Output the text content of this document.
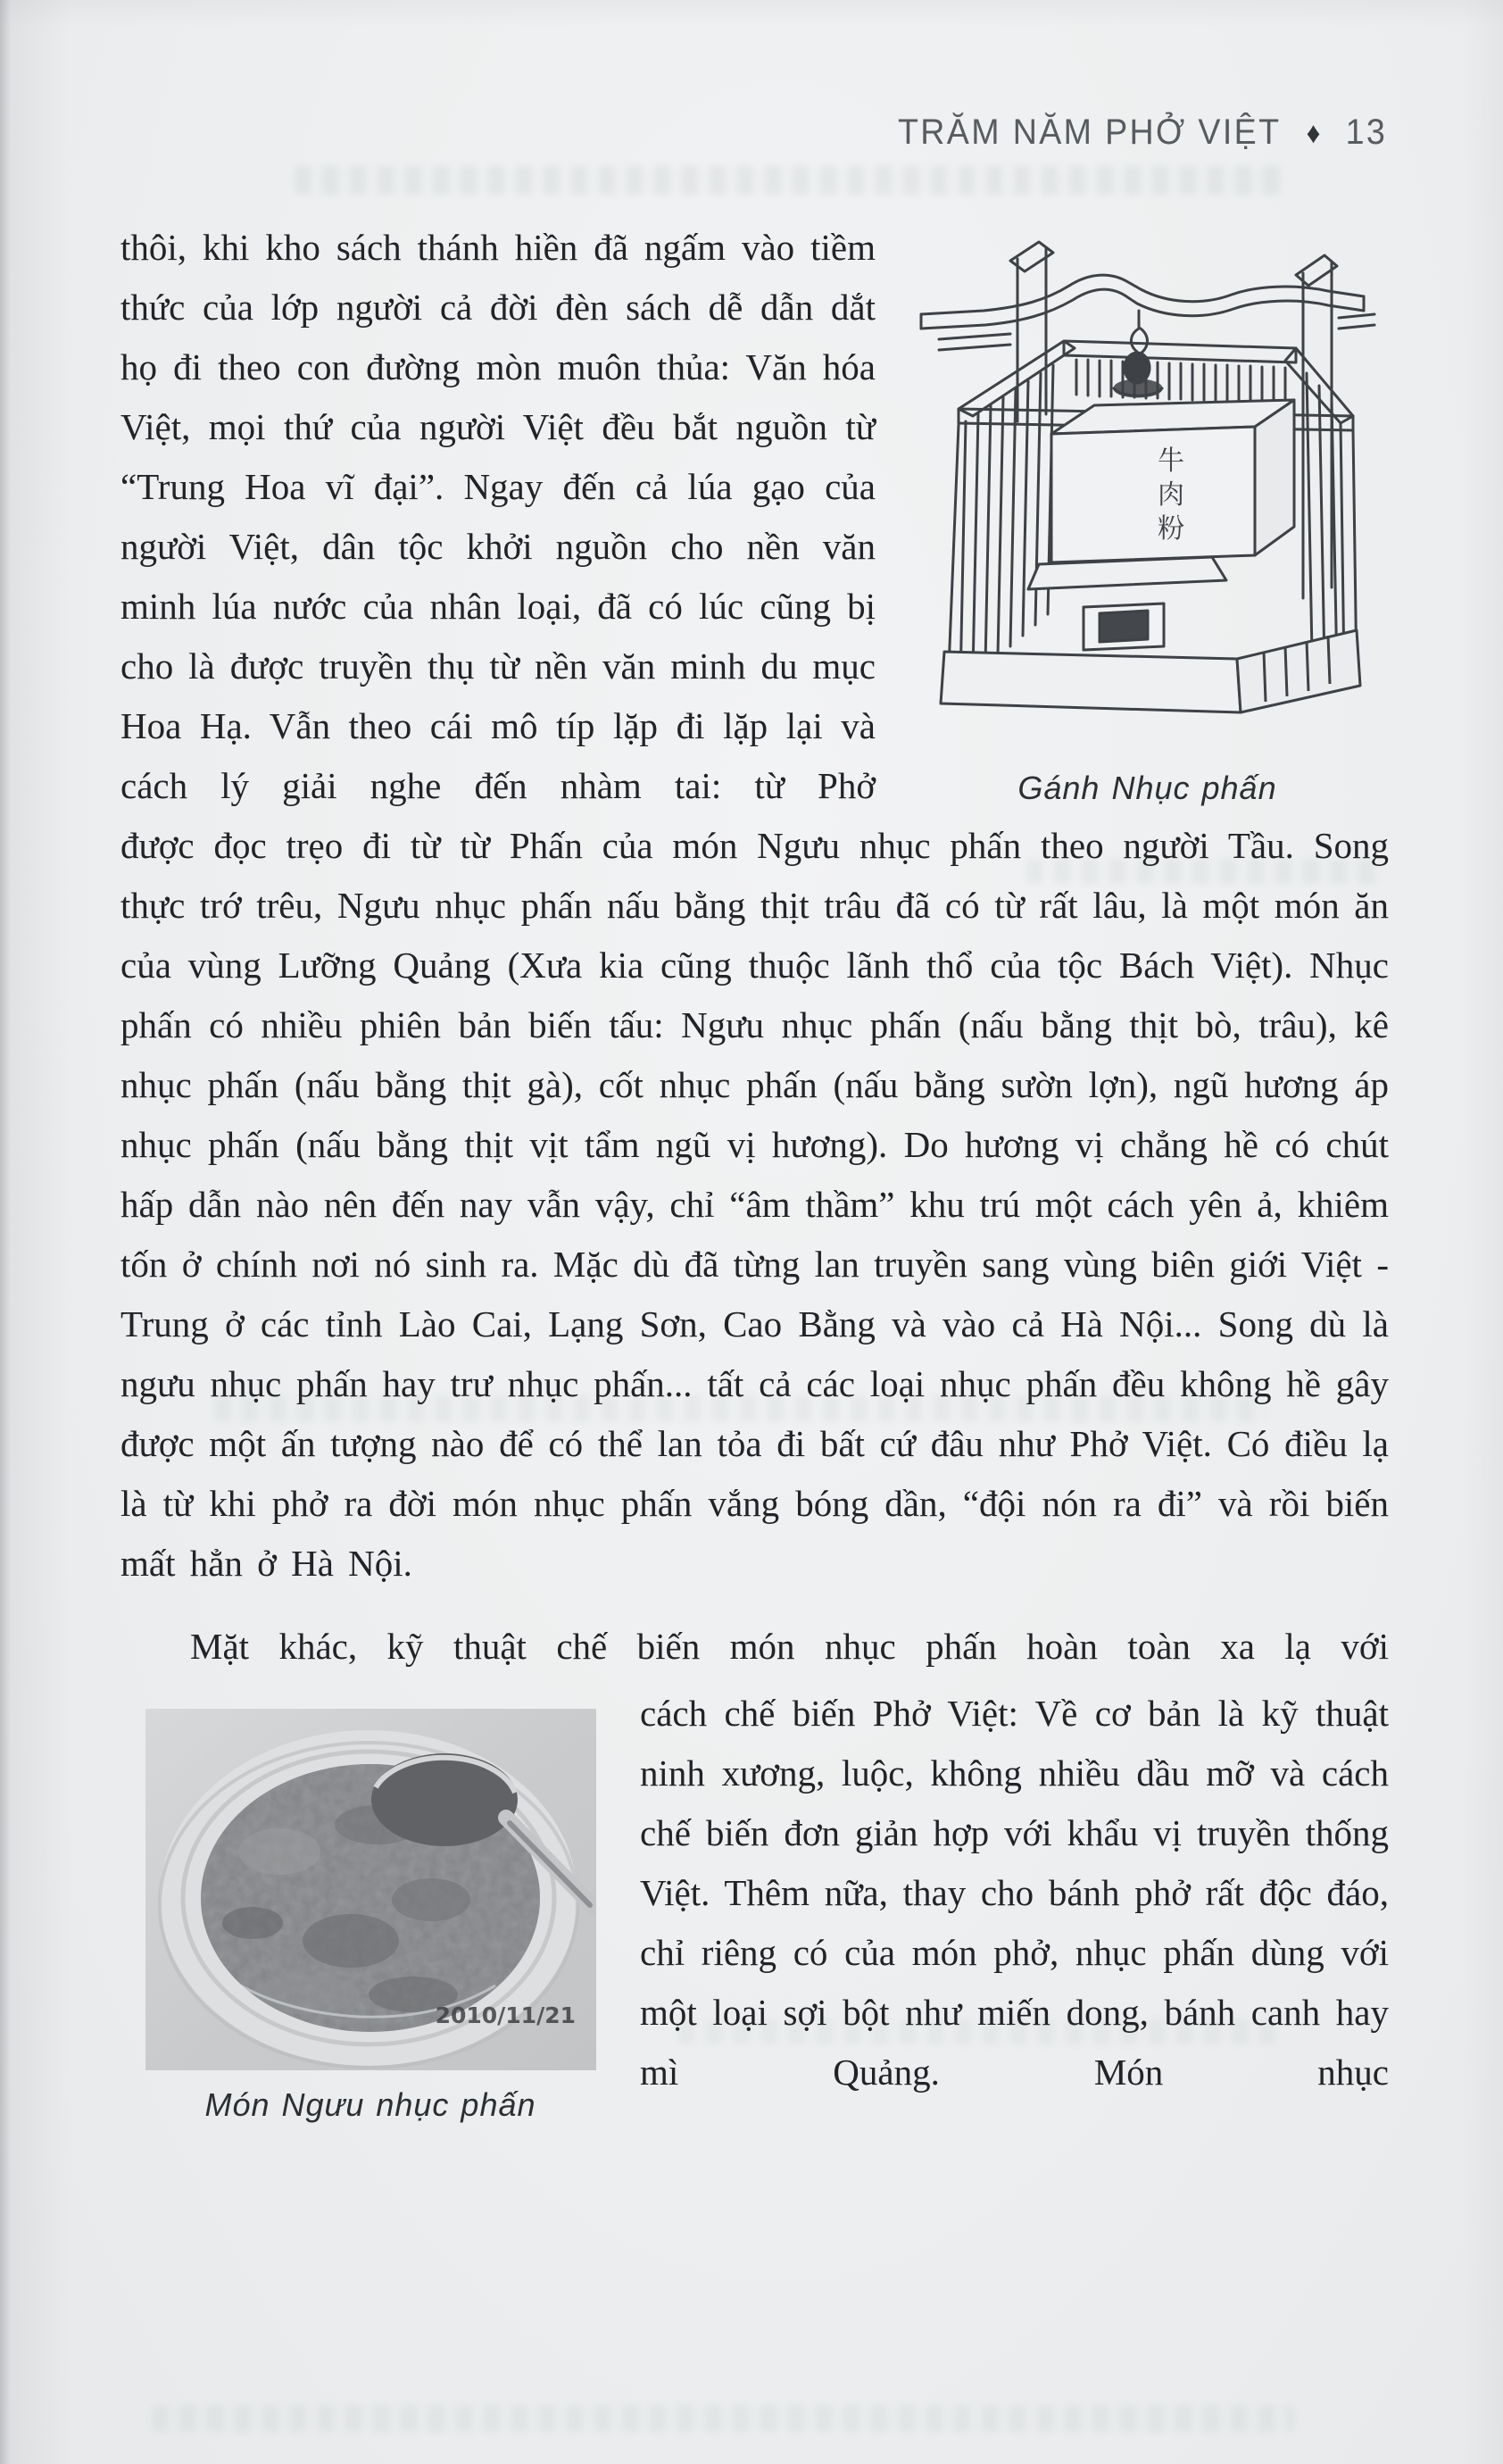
TRĂM NĂM PHỞ VIỆT ♦ 13
thôi, khi kho sách thánh hiền đã ngấm vào tiềm thức của lớp người cả đời đèn sách dễ dẫn dắt họ đi theo con đường mòn muôn thủa: Văn hóa Việt, mọi thứ của người Việt đều bắt nguồn từ “Trung Hoa vĩ đại”. Ngay đến cả lúa gạo của người Việt, dân tộc khởi nguồn cho nền văn minh lúa nước của nhân loại, đã có lúc cũng bị cho là được truyền thụ từ nền văn minh du mục Hoa Hạ. Vẫn theo cái mô típ lặp đi lặp lại và cách lý giải nghe đến nhàm tai: từ Phở
牛
肉
粉
Gánh Nhục phấn
được đọc trẹo đi từ từ Phấn của món Ngưu nhục phấn theo người Tầu. Song thực trớ trêu, Ngưu nhục phấn nấu bằng thịt trâu đã có từ rất lâu, là một món ăn của vùng Lưỡng Quảng (Xưa kia cũng thuộc lãnh thổ của tộc Bách Việt). Nhục phấn có nhiều phiên bản biến tấu: Ngưu nhục phấn (nấu bằng thịt bò, trâu), kê nhục phấn (nấu bằng thịt gà), cốt nhục phấn (nấu bằng sườn lợn), ngũ hương áp nhục phấn (nấu bằng thịt vịt tẩm ngũ vị hương). Do hương vị chẳng hề có chút hấp dẫn nào nên đến nay vẫn vậy, chỉ “âm thầm” khu trú một cách yên ả, khiêm tốn ở chính nơi nó sinh ra. Mặc dù đã từng lan truyền sang vùng biên giới Việt - Trung ở các tỉnh Lào Cai, Lạng Sơn, Cao Bằng và vào cả Hà Nội... Song dù là ngưu nhục phấn hay trư nhục phấn... tất cả các loại nhục phấn đều không hề gây được một ấn tượng nào để có thể lan tỏa đi bất cứ đâu như Phở Việt. Có điều lạ là từ khi phở ra đời món nhục phấn vắng bóng dần, “đội nón ra đi” và rồi biến mất hẳn ở Hà Nội.
Mặt khác, kỹ thuật chế biến món nhục phấn hoàn toàn xa lạ với
2010/11/21
Món Ngưu nhục phấn
cách chế biến Phở Việt: Về cơ bản là kỹ thuật ninh xương, luộc, không nhiều dầu mỡ và cách chế biến đơn giản hợp với khẩu vị truyền thống Việt. Thêm nữa, thay cho bánh phở rất độc đáo, chỉ riêng có của món phở, nhục phấn dùng với một loại sợi bột như miến dong, bánh canh hay mì Quảng. Món nhục
